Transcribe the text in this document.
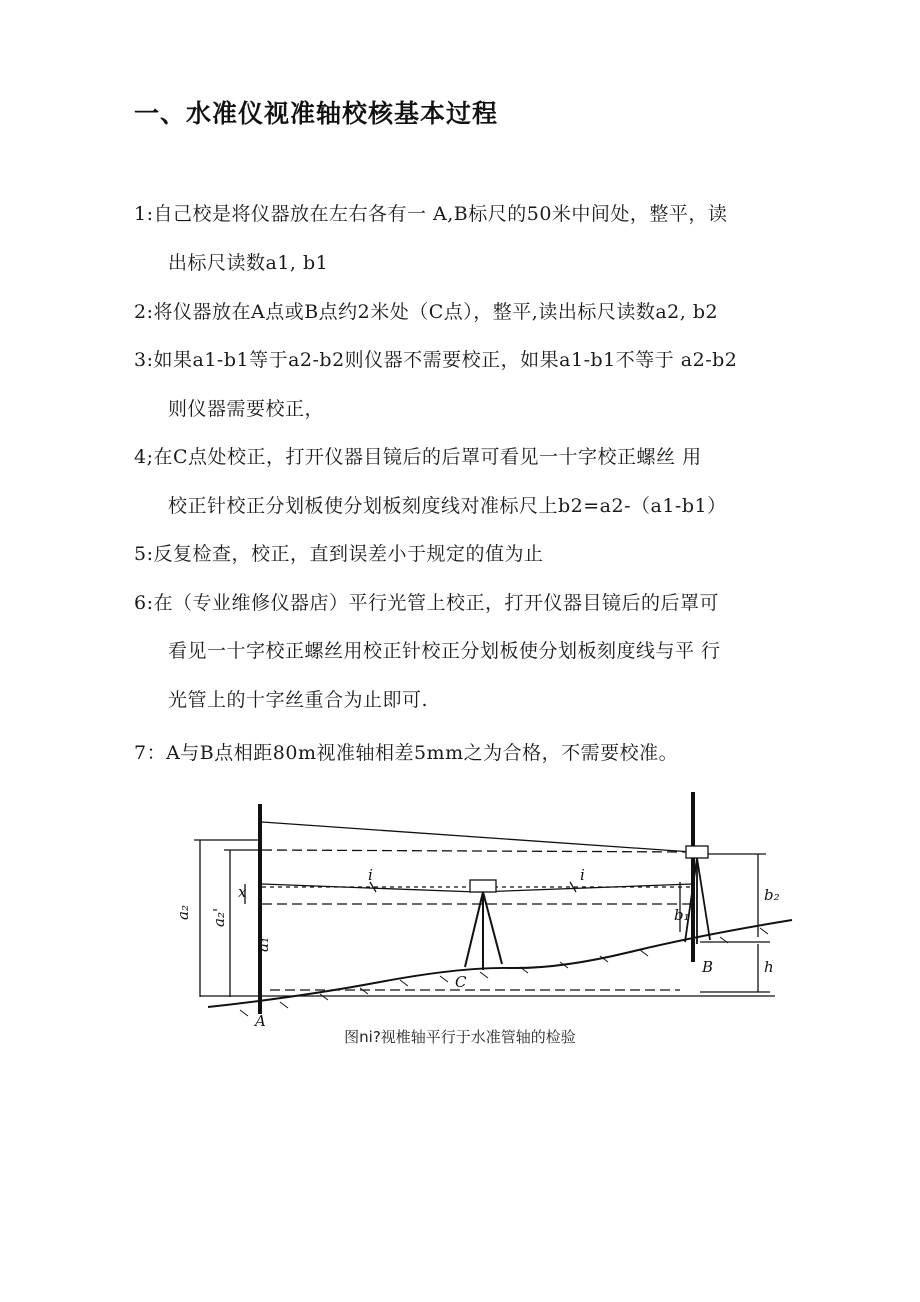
一、水准仪视准轴校核基本过程
1:自己校是将仪器放在左右各有一 A,B标尺的50米中间处，整平，读
出标尺读数a1, b1
2:将仪器放在A点或B点约2米处（C点），整平,读出标尺读数a2, b2
3:如果a1-b1等于a2-b2则仪器不需要校正，如果a1-b1不等于 a2-b2
则仪器需要校正，
4;在C点处校正，打开仪器目镜后的后罩可看见一十字校正螺丝 用
校正针校正分划板使分划板刻度线对准标尺上b2=a2-（a1-b1）
5:反复检查，校正，直到误差小于规定的值为止
6:在（专业维修仪器店）平行光管上校正，打开仪器目镜后的后罩可
看见一十字校正螺丝用校正针校正分划板使分划板刻度线与平 行
光管上的十字丝重合为止即可.
7：A与B点相距80m视准轴相差5mm之为合格，不需要校准。
a₂ a₂'
x
a₁
i	i
b₁
b₂
h
A
B
C
图ni?视椎轴平行于水准管轴的检验
